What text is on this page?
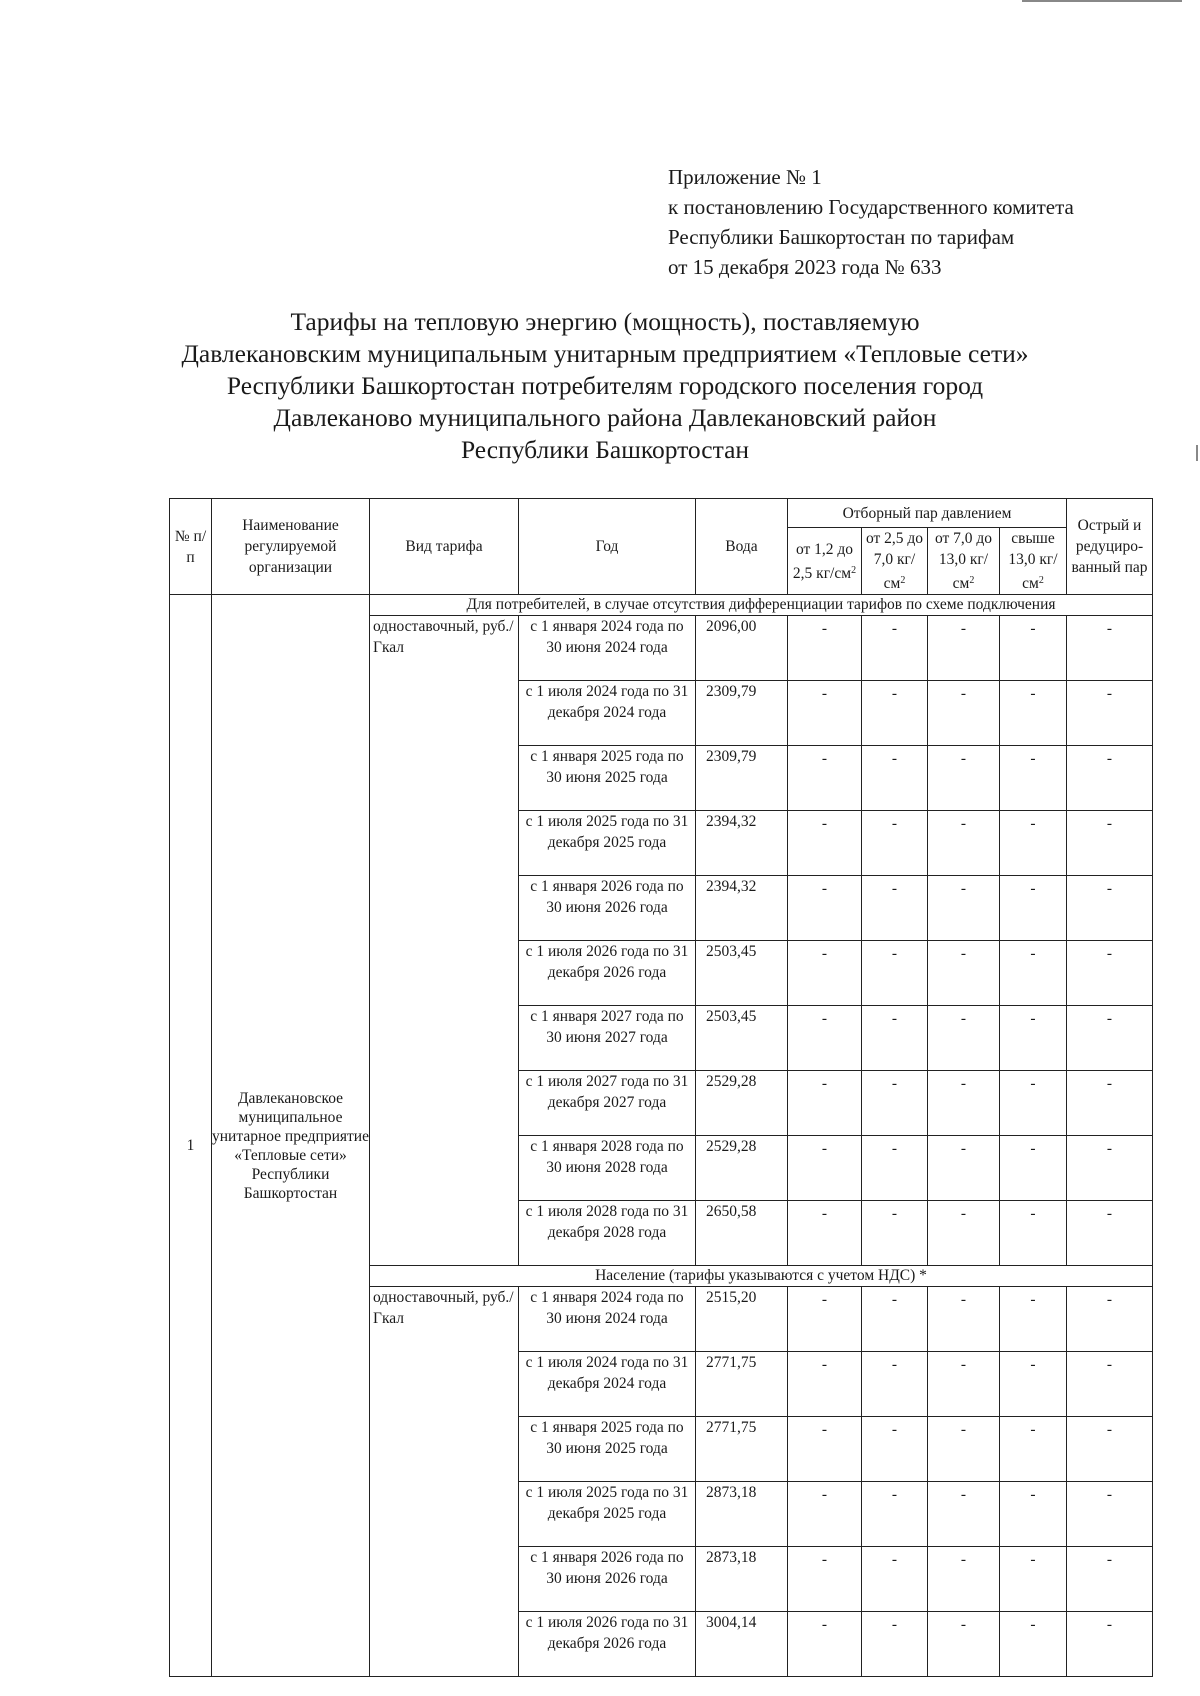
Приложение № 1
к постановлению Государственного комитета
Республики Башкортостан по тарифам
от 15 декабря 2023 года № 633
Тарифы на тепловую энергию (мощность), поставляемую
Давлекановским муниципальным унитарным предприятием «Тепловые сети»
Республики Башкортостан потребителям городского поселения город
Давлеканово муниципального района Давлекановский район
Республики Башкортостан
№ п/п	Наименование регулируемой организации	Вид тарифа	Год	Вода	Отборный пар давлением				Острый и редуциро-ванный пар
					от 1,2 до 2,5 $кг/см^2$	от 2,5 до 7,0 $кг/см^2$	от 7,0 до 13,0 $кг/см^2$	свыше 13,0 $кг/см^2$
1	Давлекановское муниципальное унитарное предприятие «Тепловые сети» Республики Башкортостан	Для потребителей, в случае отсутствия дифференциации тарифов по схеме подключения							
		одноставочный, руб./Гкал	с 1 января 2024 года по 30 июня 2024 года	2096,00	-	-	-	-	-
			с 1 июля 2024 года по 31 декабря 2024 года	2309,79	-	-	-	-	-
			с 1 января 2025 года по 30 июня 2025 года	2309,79	-	-	-	-	-
			с 1 июля 2025 года по 31 декабря 2025 года	2394,32	-	-	-	-	-
			с 1 января 2026 года по 30 июня 2026 года	2394,32	-	-	-	-	-
			с 1 июля 2026 года по 31 декабря 2026 года	2503,45	-	-	-	-	-
			с 1 января 2027 года по 30 июня 2027 года	2503,45	-	-	-	-	-
			с 1 июля 2027 года по 31 декабря 2027 года	2529,28	-	-	-	-	-
			с 1 января 2028 года по 30 июня 2028 года	2529,28	-	-	-	-	-
			с 1 июля 2028 года по 31 декабря 2028 года	2650,58	-	-	-	-	-
		Население (тарифы указываются с учетом НДС) *							
		одноставочный, руб./Гкал	с 1 января 2024 года по 30 июня 2024 года	2515,20	-	-	-	-	-
			с 1 июля 2024 года по 31 декабря 2024 года	2771,75	-	-	-	-	-
			с 1 января 2025 года по 30 июня 2025 года	2771,75	-	-	-	-	-
			с 1 июля 2025 года по 31 декабря 2025 года	2873,18	-	-	-	-	-
			с 1 января 2026 года по 30 июня 2026 года	2873,18	-	-	-	-	-
			с 1 июля 2026 года по 31 декабря 2026 года	3004,14	-	-	-	-	-
